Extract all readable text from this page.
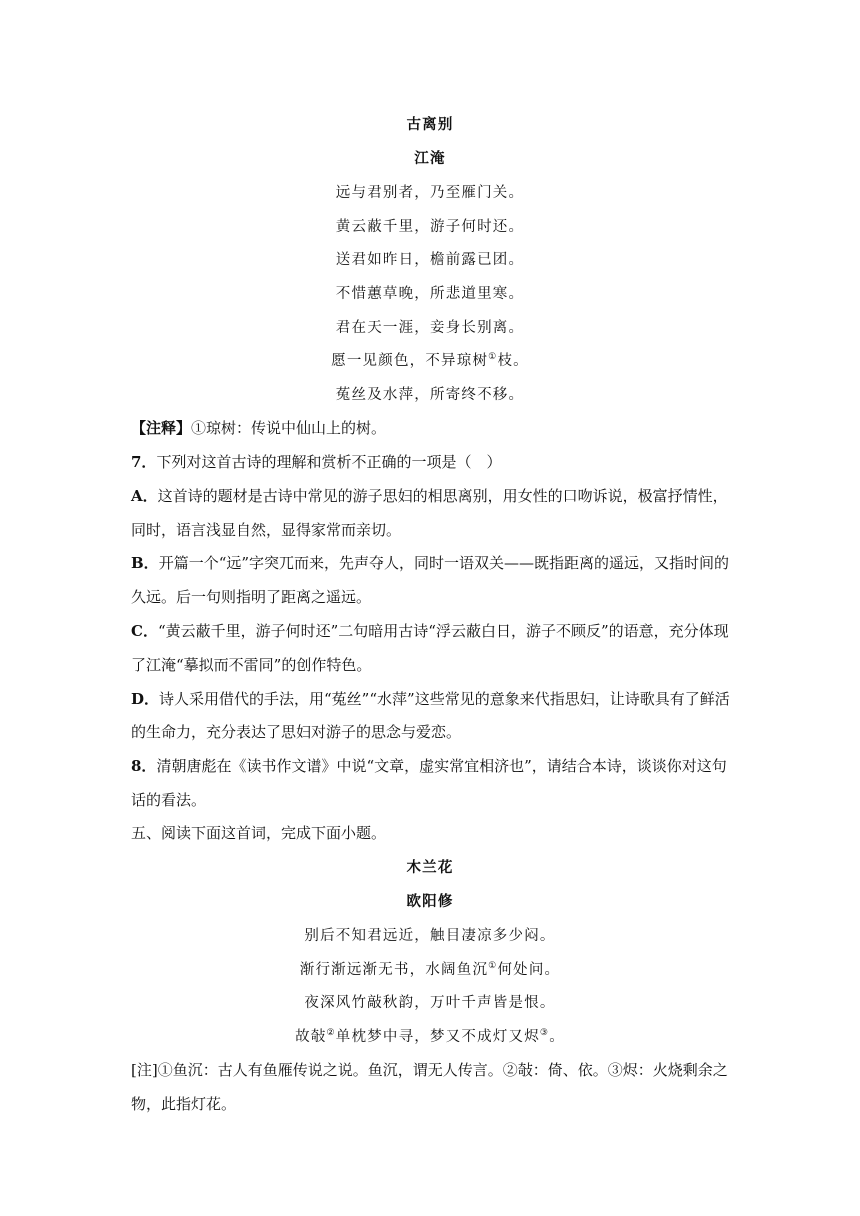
古离别
江淹
远与君别者，乃至雁门关。
黄云蔽千里，游子何时还。
送君如昨日，檐前露已团。
不惜蕙草晚，所悲道里寒。
君在天一涯，妾身长别离。
愿一见颜色，不异琼树①枝。
菟丝及水萍，所寄终不移。
【注释】①琼树：传说中仙山上的树。
7．下列对这首古诗的理解和赏析不正确的一项是（　）
A．这首诗的题材是古诗中常见的游子思妇的相思离别，用女性的口吻诉说，极富抒情性，
同时，语言浅显自然，显得家常而亲切。
B．开篇一个“远”字突兀而来，先声夺人，同时一语双关——既指距离的遥远，又指时间的
久远。后一句则指明了距离之遥远。
C．“黄云蔽千里，游子何时还”二句暗用古诗“浮云蔽白日，游子不顾反”的语意，充分体现
了江淹“摹拟而不雷同”的创作特色。
D．诗人采用借代的手法，用“菟丝”“水萍”这些常见的意象来代指思妇，让诗歌具有了鲜活
的生命力，充分表达了思妇对游子的思念与爱恋。
8．清朝唐彪在《读书作文谱》中说“文章，虚实常宜相济也”，请结合本诗，谈谈你对这句
话的看法。
五、阅读下面这首词，完成下面小题。
木兰花
欧阳修
别后不知君远近，触目凄凉多少闷。
渐行渐远渐无书，水阔鱼沉①何处问。
夜深风竹敲秋韵，万叶千声皆是恨。
故敧②单枕梦中寻，梦又不成灯又烬③。
[注]①鱼沉：古人有鱼雁传说之说。鱼沉，谓无人传言。②敧：倚、依。③烬：火烧剩余之
物，此指灯花。
